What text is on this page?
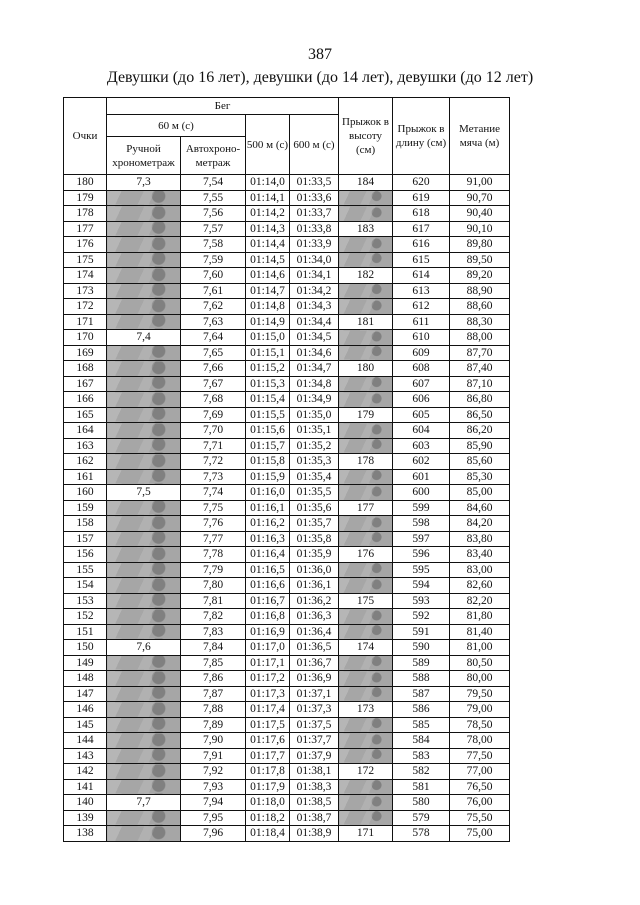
387
Девушки (до 16 лет), девушки (до 14 лет), девушки (до 12 лет)
Очки	Бег				Прыжок в высоту (см)	Прыжок в длину (см)	Метание мяча (м)
	60 м (с)		500 м (с)	600 м (с)			
	Ручной хронометраж	Автохроно-метраж					
180	7,3	7,54	01:14,0	01:33,5	184	620	91,00
179		7,55	01:14,1	01:33,6		619	90,70
178		7,56	01:14,2	01:33,7		618	90,40
177		7,57	01:14,3	01:33,8	183	617	90,10
176		7,58	01:14,4	01:33,9		616	89,80
175		7,59	01:14,5	01:34,0		615	89,50
174		7,60	01:14,6	01:34,1	182	614	89,20
173		7,61	01:14,7	01:34,2		613	88,90
172		7,62	01:14,8	01:34,3		612	88,60
171		7,63	01:14,9	01:34,4	181	611	88,30
170	7,4	7,64	01:15,0	01:34,5		610	88,00
169		7,65	01:15,1	01:34,6		609	87,70
168		7,66	01:15,2	01:34,7	180	608	87,40
167		7,67	01:15,3	01:34,8		607	87,10
166		7,68	01:15,4	01:34,9		606	86,80
165		7,69	01:15,5	01:35,0	179	605	86,50
164		7,70	01:15,6	01:35,1		604	86,20
163		7,71	01:15,7	01:35,2		603	85,90
162		7,72	01:15,8	01:35,3	178	602	85,60
161		7,73	01:15,9	01:35,4		601	85,30
160	7,5	7,74	01:16,0	01:35,5		600	85,00
159		7,75	01:16,1	01:35,6	177	599	84,60
158		7,76	01:16,2	01:35,7		598	84,20
157		7,77	01:16,3	01:35,8		597	83,80
156		7,78	01:16,4	01:35,9	176	596	83,40
155		7,79	01:16,5	01:36,0		595	83,00
154		7,80	01:16,6	01:36,1		594	82,60
153		7,81	01:16,7	01:36,2	175	593	82,20
152		7,82	01:16,8	01:36,3		592	81,80
151		7,83	01:16,9	01:36,4		591	81,40
150	7,6	7,84	01:17,0	01:36,5	174	590	81,00
149		7,85	01:17,1	01:36,7		589	80,50
148		7,86	01:17,2	01:36,9		588	80,00
147		7,87	01:17,3	01:37,1		587	79,50
146		7,88	01:17,4	01:37,3	173	586	79,00
145		7,89	01:17,5	01:37,5		585	78,50
144		7,90	01:17,6	01:37,7		584	78,00
143		7,91	01:17,7	01:37,9		583	77,50
142		7,92	01:17,8	01:38,1	172	582	77,00
141		7,93	01:17,9	01:38,3		581	76,50
140	7,7	7,94	01:18,0	01:38,5		580	76,00
139		7,95	01:18,2	01:38,7		579	75,50
138		7,96	01:18,4	01:38,9	171	578	75,00
